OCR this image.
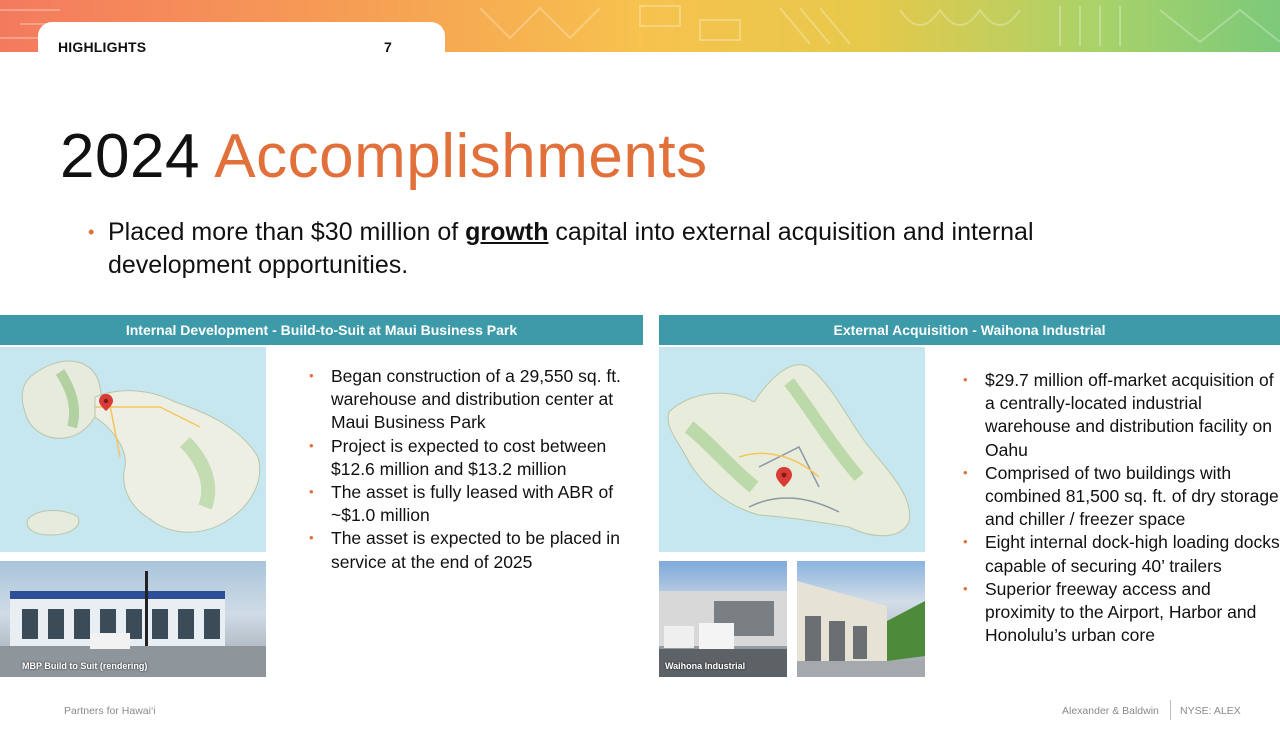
HIGHLIGHTS	7
2024 Accomplishments
• Placed more than $30 million of growth capital into external acquisition and internal development opportunities.
Internal Development - Build-to-Suit at Maui Business Park
MBP Build to Suit (rendering)
• Began construction of a 29,550 sq. ft. warehouse and distribution center at Maui Business Park
• Project is expected to cost between $12.6 million and $13.2 million
• The asset is fully leased with ABR of ~$1.0 million
• The asset is expected to be placed in service at the end of 2025
External Acquisition - Waihona Industrial
Waihona Industrial
• $29.7 million off-market acquisition of a centrally-located industrial warehouse and distribution facility on Oahu
• Comprised of two buildings with combined 81,500 sq. ft. of dry storage and chiller / freezer space
• Eight internal dock-high loading docks capable of securing 40’ trailers
• Superior freeway access and proximity to the Airport, Harbor and Honolulu’s urban core
Partners for Hawai‘i	Alexander & Baldwin NYSE: ALEX
